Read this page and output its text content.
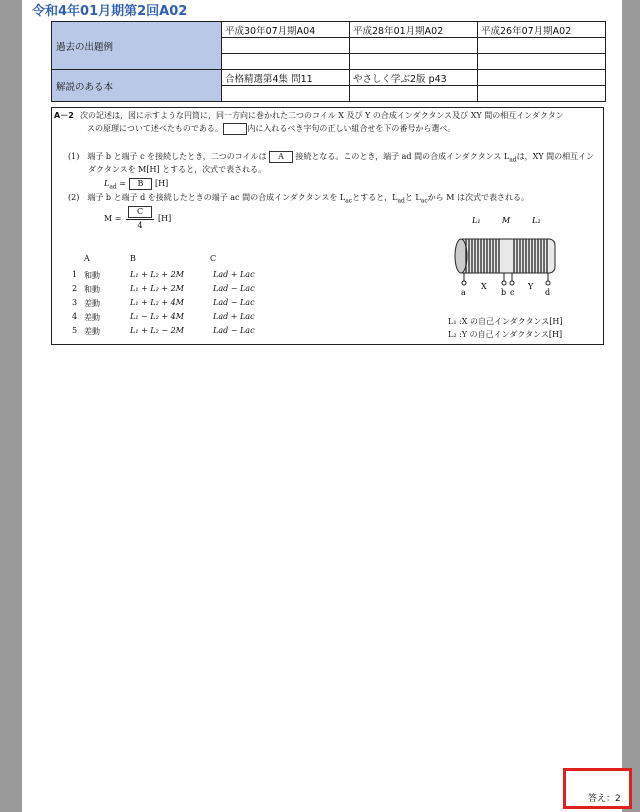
令和4年01月期第2回A02
過去の出題例	平成30年07月期A04	平成28年01月期A02	平成26年07月期A02

解説のある本	合格精選第4集 問11	やさしく学ぶ2版 p43	

A－2 次の記述は，図に示すような円筒に，同一方向に巻かれた二つのコイル X 及び Y の合成インダクタンス及び XY 間の相互インダクタン
スの原理について述べたものである。	内に入れるべき字句の正しい組合せを下の番号から選べ。
(1)　端子 b と端子 c を接続したとき，二つのコイルは A 接続となる。このとき，端子 ad 間の合成インダクタンス $L_{ad}$は，XY 間の相互イン
ダクタンスを M[H] とすると，次式で表される。
$L_{ad} = B$ [H]
(2)　端子 b と端子 d を接続したときの端子 ac 間の合成インダクタンスを $L_{ac}$とすると，$L_{ad}$と $L_{ac}$から M は次式で表される。
M =
C
4
[H]
A	B	C
1 和動	L₁ + L₂ + 2M	Lad + Lac
2 和動	L₁ + L₂ + 2M	Lad − Lac
3 差動	L₁ + L₂ + 4M	Lad − Lac
4 差動	L₁ − L₂ + 4M	Lad + Lac
5 差動	L₁ + L₂ − 2M	Lad − Lac
L₁	M	L₂
a
X
b c
Y
d
L₁ :X の自己インダクタンス[H]
L₂ :Y の自己インダクタンス[H]
答え：2
